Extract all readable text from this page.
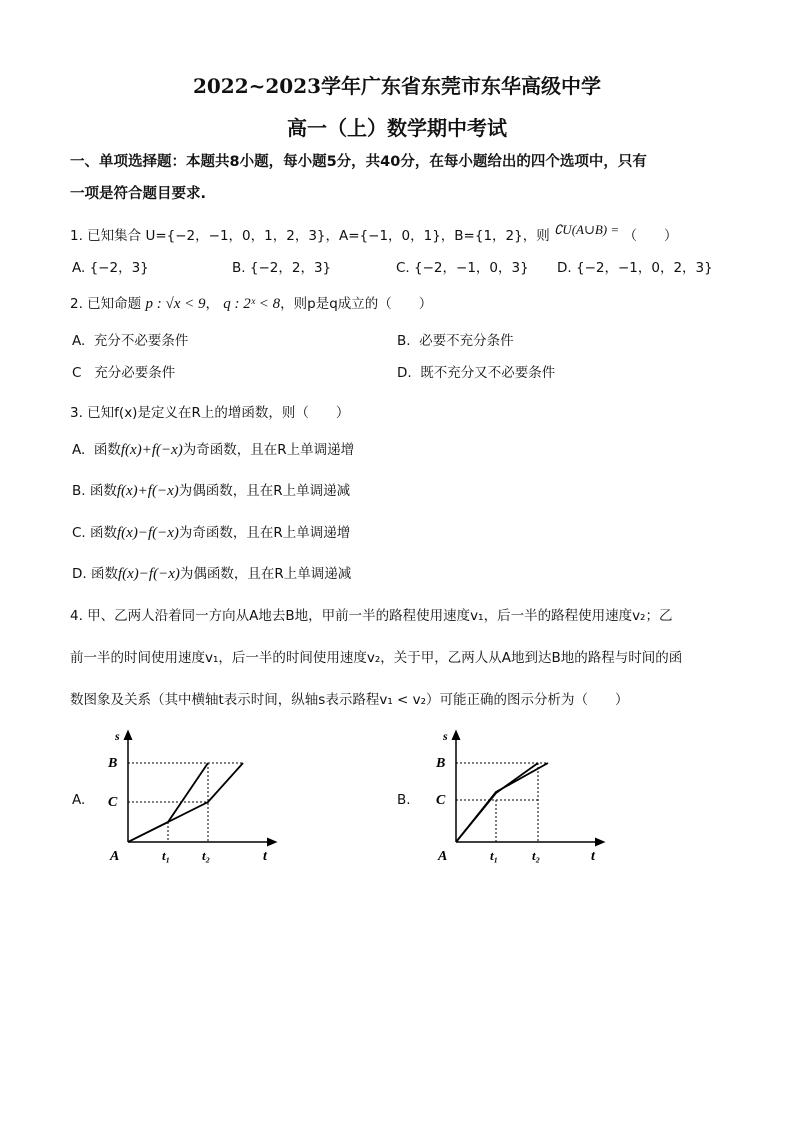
2022~2023学年广东省东莞市东华高级中学
高一（上）数学期中考试
一、单项选择题：本题共8小题，每小题5分，共40分，在每小题给出的四个选项中，只有
一项是符合题目要求.
1. 已知集合 U={−2，−1，0，1，2，3}，A={−1，0，1}，B={1，2}，则 ∁U(A∪B) = （　　）
A. {−2，3}	B. {−2，2，3}	C. {−2，−1，0，3} D. {−2，−1，0，2，3}
2. 已知命题 p : √x < 9， q : 2ˣ < 8，则p是q成立的（　　）
A. 充分不必要条件	B. 必要不充分条件
C 充分必要条件	D. 既不充分又不必要条件
3. 已知f(x)是定义在R上的增函数，则（　　）
A. 函数f(x)+f(−x)为奇函数，且在R上单调递增
B. 函数f(x)+f(−x)为偶函数，且在R上单调递减
C. 函数f(x)−f(−x)为奇函数，且在R上单调递增
D. 函数f(x)−f(−x)为偶函数，且在R上单调递减
4. 甲、乙两人沿着同一方向从A地去B地，甲前一半的路程使用速度v₁，后一半的路程使用速度v₂；乙
前一半的时间使用速度v₁，后一半的时间使用速度v₂，关于甲，乙两人从A地到达B地的路程与时间的函
数图象及关系（其中横轴t表示时间，纵轴s表示路程v₁ < v₂）可能正确的图示分析为（　　）
A.
s
B
C
A	t₁ t₂	t
B.
s
B
C
A	t₁	t₂	t
